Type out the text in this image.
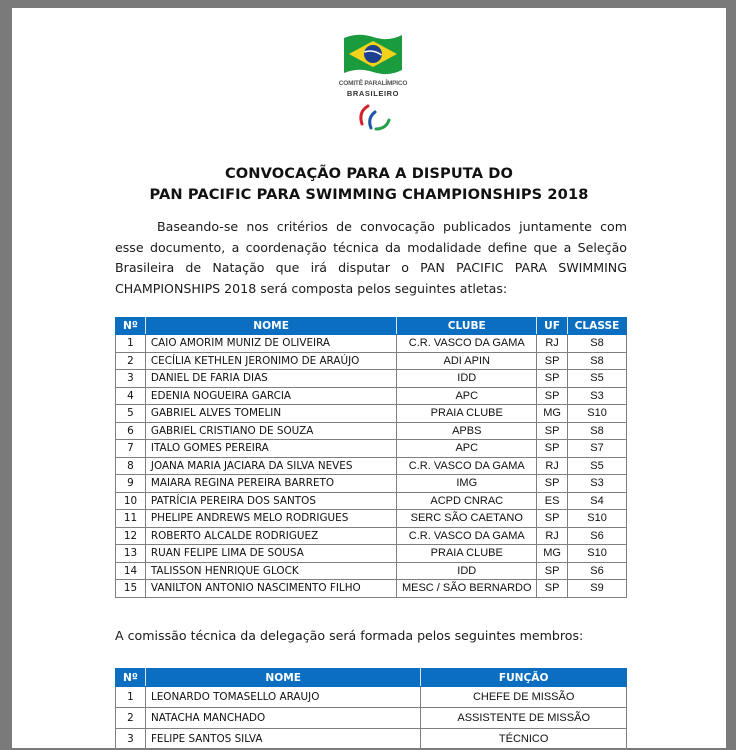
COMITÊ PARALÍMPICO
BRASILEIRO
CONVOCAÇÃO PARA A DISPUTA DO
PAN PACIFIC PARA SWIMMING CHAMPIONSHIPS 2018
Baseando-se nos critérios de convocação publicados juntamente com esse documento, a coordenação técnica da modalidade define que a Seleção Brasileira de Natação que irá disputar o PAN PACIFIC PARA SWIMMING CHAMPIONSHIPS 2018 será composta pelos seguintes atletas:
Nº	NOME	CLUBE	UF	CLASSE
1	CAIO AMORIM MUNIZ DE OLIVEIRA	C.R. VASCO DA GAMA	RJ	S8
2	CECÍLIA KETHLEN JERONIMO DE ARAÚJO	ADI APIN	SP	S8
3	DANIEL DE FARIA DIAS	IDD	SP	S5
4	EDENIA NOGUEIRA GARCIA	APC	SP	S3
5	GABRIEL ALVES TOMELIN	PRAIA CLUBE	MG	S10
6	GABRIEL CRISTIANO DE SOUZA	APBS	SP	S8
7	ITALO GOMES PEREIRA	APC	SP	S7
8	JOANA MARIA JACIARA DA SILVA NEVES	C.R. VASCO DA GAMA	RJ	S5
9	MAIARA REGINA PEREIRA BARRETO	IMG	SP	S3
10	PATRÍCIA PEREIRA DOS SANTOS	ACPD CNRAC	ES	S4
11	PHELIPE ANDREWS MELO RODRIGUES	SERC SÃO CAETANO	SP	S10
12	ROBERTO ALCALDE RODRIGUEZ	C.R. VASCO DA GAMA	RJ	S6
13	RUAN FELIPE LIMA DE SOUSA	PRAIA CLUBE	MG	S10
14	TALISSON HENRIQUE GLOCK	IDD	SP	S6
15	VANILTON ANTONIO NASCIMENTO FILHO	MESC / SÃO BERNARDO	SP	S9
A comissão técnica da delegação será formada pelos seguintes membros:
Nº	NOME	FUNÇÃO
1	LEONARDO TOMASELLO ARAUJO	CHEFE DE MISSÃO
2	NATACHA MANCHADO	ASSISTENTE DE MISSÃO
3	FELIPE SANTOS SILVA	TÉCNICO
